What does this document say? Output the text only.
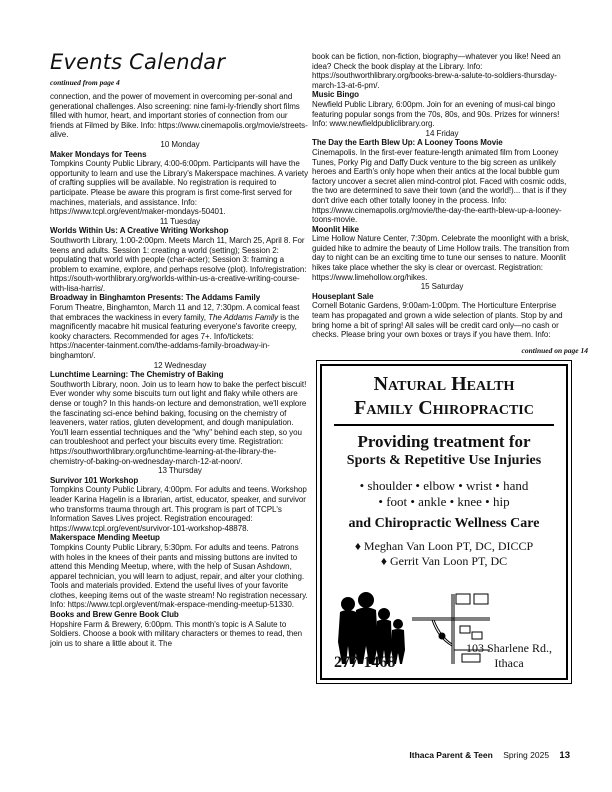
Events Calendar
continued from page 4

connection, and the power of movement in overcoming per-sonal and generational challenges. Also screening: nine fami-ly-friendly short films filled with humor, heart, and important stories of connection from our friends at Filmed by Bike. Info: https://www.cinemapolis.org/movie/streets-alive.

10 Monday
Maker Mondays for Teens
Tompkins County Public Library, 4:00-6:00pm. Participants will have the opportunity to learn and use the Library's Makerspace machines. A variety of crafting supplies will be available. No registration is required to participate. Please be aware this program is first come-first served for machines, materials, and assistance. Info: https://www.tcpl.org/event/maker-mondays-50401.
11 Tuesday
Worlds Within Us: A Creative Writing Workshop
Southworth Library, 1:00-2:00pm. Meets March 11, March 25, April 8. For teens and adults. Session 1: creating a world (setting); Session 2: populating that world with people (char-acter); Session 3: framing a problem to examine, explore, and perhaps resolve (plot). Info/registration: https://south-worthlibrary.org/worlds-within-us-a-creative-writing-course-with-lisa-harris/.
Broadway in Binghamton Presents: The Addams Family
Forum Theatre, Binghamton, March 11 and 12, 7:30pm. A comical feast that embraces the wackiness in every family, The Addams Family is the magnificently macabre hit musical featuring everyone's favorite creepy, kooky characters. Recommended for ages 7+. Info/tickets: https://nacenter-tainment.com/the-addams-family-broadway-in-binghamton/.
12 Wednesday
Lunchtime Learning: The Chemistry of Baking
Southworth Library, noon. Join us to learn how to bake the perfect biscuit! Ever wonder why some biscuits turn out light and flaky while others are dense or tough? In this hands-on lecture and demonstration, we'll explore the fascinating sci-ence behind baking, focusing on the chemistry of leaveners, water ratios, gluten development, and dough manipulation. You'll learn essential techniques and the "why" behind each step, so you can troubleshoot and perfect your biscuits every time. Registration: https://southworthlibrary.org/lunchtime-learning-at-the-library-the-chemistry-of-baking-on-wednesday-march-12-at-noon/.
13 Thursday
Survivor 101 Workshop
Tompkins County Public Library, 4:00pm. For adults and teens. Workshop leader Karina Hagelin is a librarian, artist, educator, speaker, and survivor who transforms trauma through art. This program is part of TCPL's Information Saves Lives project. Registration encouraged: https://www.tcpl.org/event/survivor-101-workshop-48878.
Makerspace Mending Meetup
Tompkins County Public Library, 5:30pm. For adults and teens. Patrons with holes in the knees of their pants and missing buttons are invited to attend this Mending Meetup, where, with the help of Susan Ashdown, apparel technician, you will learn to adjust, repair, and alter your clothing. Tools and materials provided. Extend the useful lives of your favorite clothes, keeping items out of the waste stream! No registration necessary. Info: https://www.tcpl.org/event/mak-erspace-mending-meetup-51330.
Books and Brew Genre Book Club
Hopshire Farm & Brewery, 6:00pm. This month's topic is A Salute to Soldiers. Choose a book with military characters or themes to read, then join us to share a little about it. The

book can be fiction, non-fiction, biography—whatever you like! Need an idea? Check the book display at the Library. Info: https://southworthlibrary.org/books-brew-a-salute-to-soldiers-thursday-march-13-at-6-pm/.

Music Bingo
Newfield Public Library, 6:00pm. Join for an evening of musi-cal bingo featuring popular songs from the 70s, 80s, and 90s. Prizes for winners! Info: www.newfieldpubliclibrary.org.
14 Friday
The Day the Earth Blew Up: A Looney Toons Movie
Cinemapolis. In the first-ever feature-length animated film from Looney Tunes, Porky Pig and Daffy Duck venture to the big screen as unlikely heroes and Earth's only hope when their antics at the local bubble gum factory uncover a secret alien mind-control plot. Faced with cosmic odds, the two are determined to save their town (and the world!)... that is if they don't drive each other totally looney in the process. Info: https://www.cinemapolis.org/movie/the-day-the-earth-blew-up-a-looney-toons-movie.
Moonlit Hike
Lime Hollow Nature Center, 7:30pm. Celebrate the moonlight with a brisk, guided hike to admire the beauty of Lime Hollow trails. The transition from day to night can be an exciting time to tune our senses to nature. Moonlit hikes take place whether the sky is clear or overcast. Registration: https://www.limehollow.org/hikes.
15 Saturday
Houseplant Sale
Cornell Botanic Gardens, 9:00am-1:00pm. The Horticulture Enterprise team has propagated and grown a wide selection of plants. Stop by and bring home a bit of spring! All sales will be credit card only—no cash or checks. Please bring your own boxes or trays if you have them. Info:
continued on page 14
Natural Health
Family Chiropractic
Providing treatment for
Sports & Repetitive Use Injuries
• shoulder • elbow • wrist • hand
• foot • ankle • knee • hip
and Chiropractic Wellness Care
♦ Meghan Van Loon PT, DC, DICCP
♦ Gerrit Van Loon PT, DC
277-1468
103 Sharlene Rd., Ithaca
Ithaca Parent & Teen Spring 2025 13
